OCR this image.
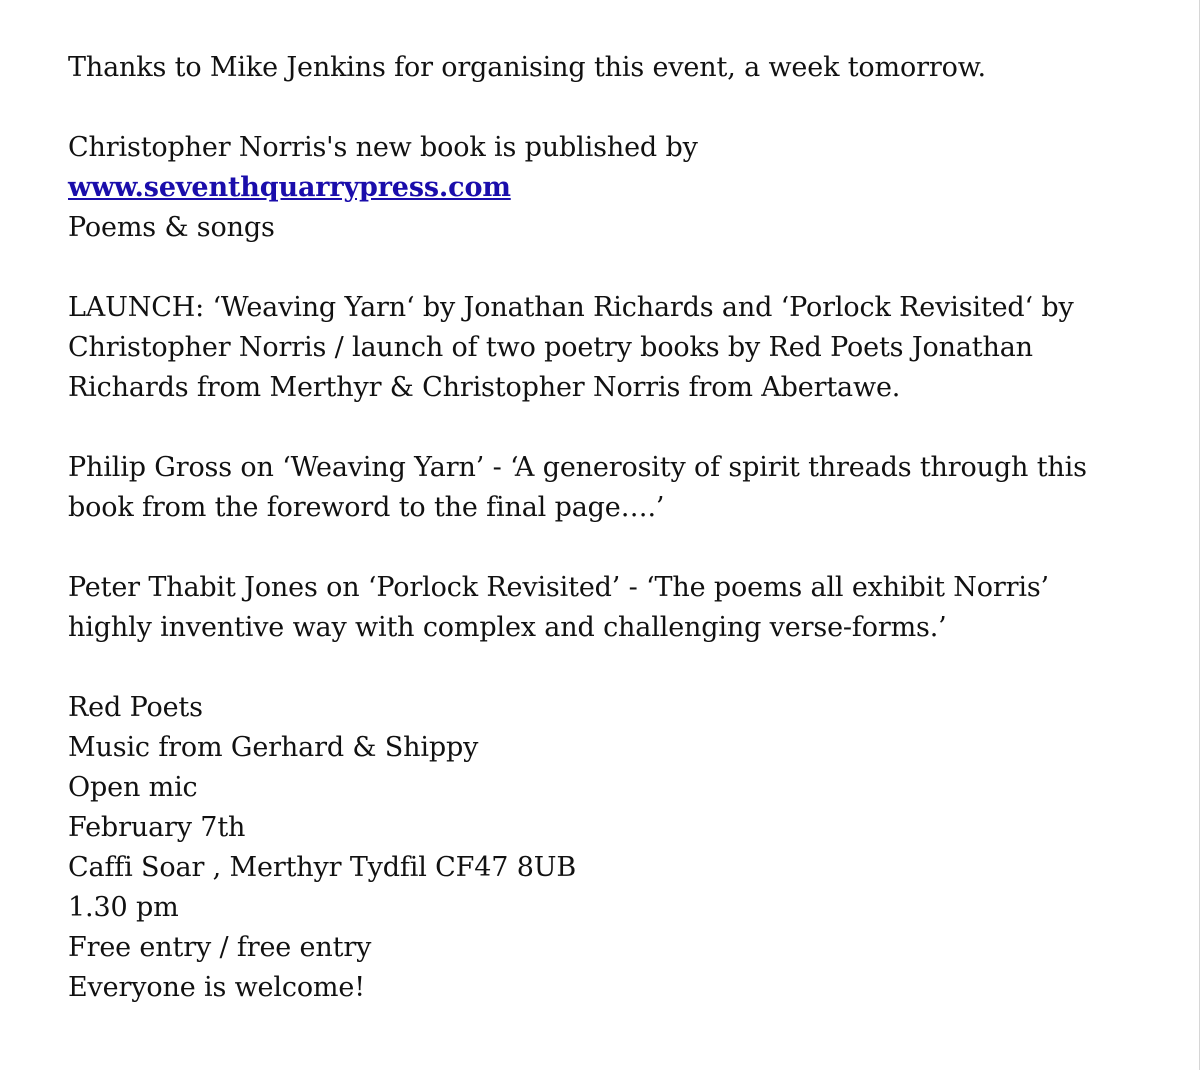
Thanks to Mike Jenkins for organising this event, a week tomorrow.

Christopher Norris's new book is published by
www.seventhquarrypress.com
Poems & songs

LAUNCH: ‘Weaving Yarn‘ by Jonathan Richards and ‘Porlock Revisited‘ by
Christopher Norris / launch of two poetry books by Red Poets Jonathan
Richards from Merthyr & Christopher Norris from Abertawe.

Philip Gross on ‘Weaving Yarn’ - ‘A generosity of spirit threads through this
book from the foreword to the final page….’

Peter Thabit Jones on ‘Porlock Revisited’ - ‘The poems all exhibit Norris’
highly inventive way with complex and challenging verse-forms.’

Red Poets
Music from Gerhard & Shippy
Open mic
February 7th
Caffi Soar , Merthyr Tydfil CF47 8UB
1.30 pm
Free entry / free entry
Everyone is welcome!
